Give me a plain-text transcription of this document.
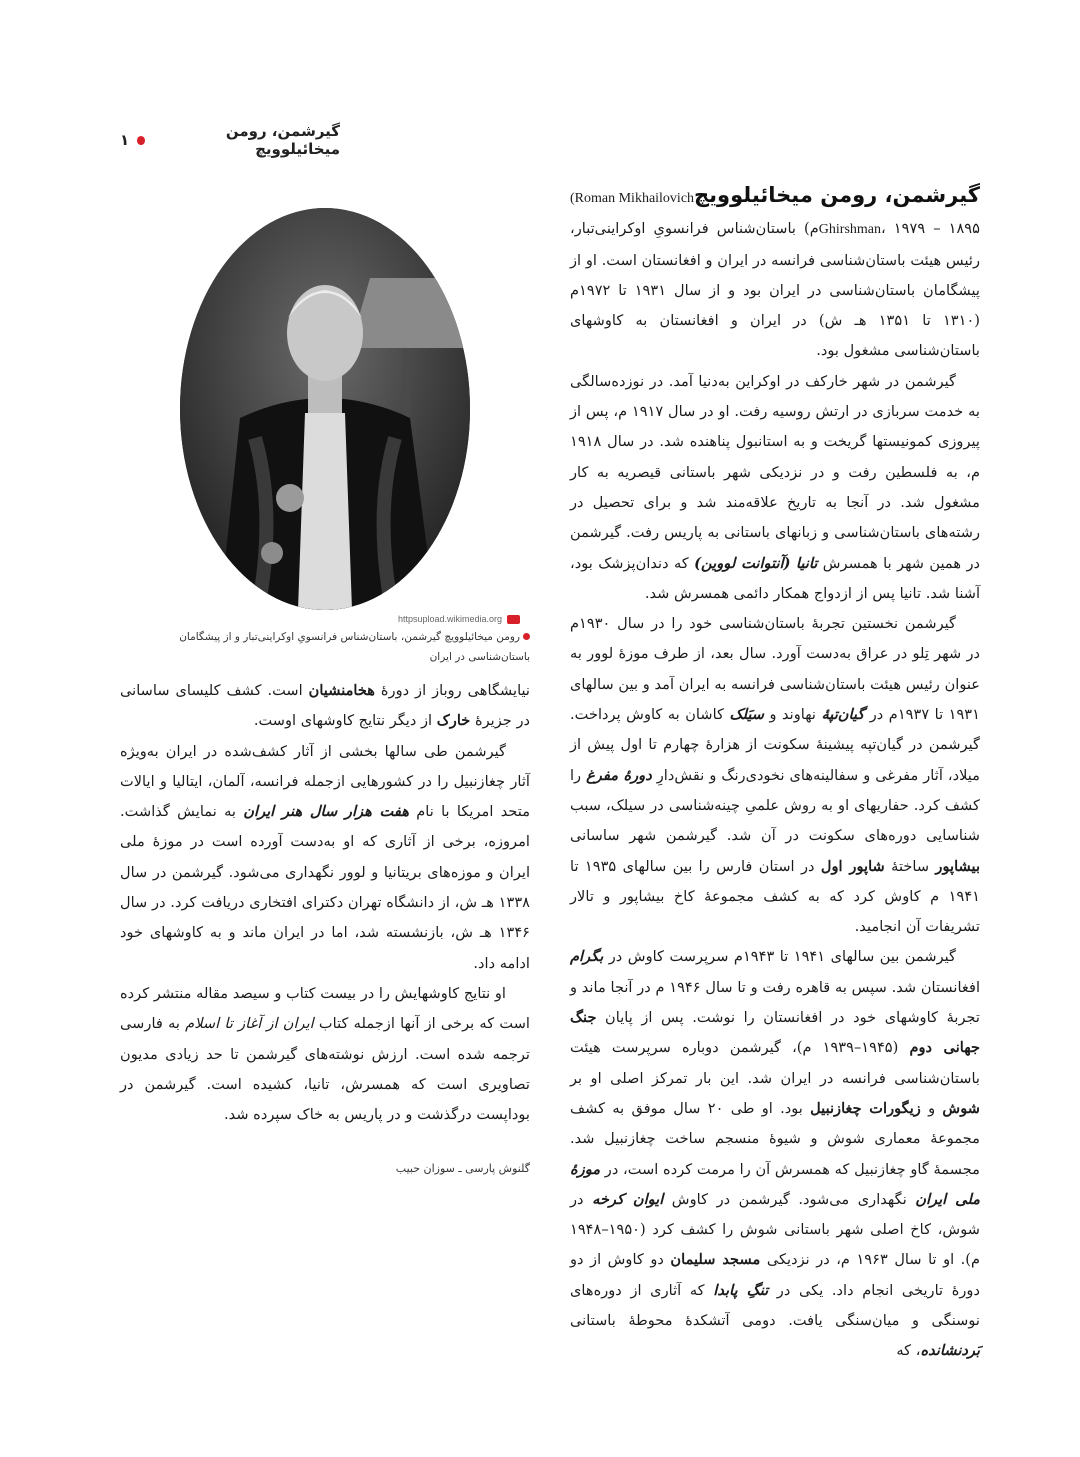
گیرشمن، رومن میخائیلوویچ
۱
گیرشمن، رومن میخائیلوویچ
(Roman Mikhailovich

Ghirshman، ۱۹۷۹ – ۱۸۹۵م) باستان‌شناس فرانسویِ اوکراینی‌تبار، رئیس هیئت باستان‌شناسی فرانسه در ایران و افغانستان است. او از پیشگامان باستان‌شناسی در ایران بود و از سال ۱۹۳۱ تا ۱۹۷۲م (۱۳۱۰ تا ۱۳۵۱ هـ ش) در ایران و افغانستان به کاوشهای باستان‌شناسی مشغول بود.

گیرشمن در شهر خارکف در اوکراین به‌دنیا آمد. در نوزده‌سالگی به خدمت سربازی در ارتش روسیه رفت. او در سال ۱۹۱۷ م، پس از پیروزی کمونیستها گریخت و به استانبول پناهنده شد. در سال ۱۹۱۸ م، به فلسطین رفت و در نزدیکی شهر باستانی قیصریه به کار مشغول شد. در آنجا به تاریخ علاقه‌مند شد و برای تحصیل در رشته‌های باستان‌شناسی و زبانهای باستانی به پاریس رفت. گیرشمن در همین شهر با همسرش تانیا (آنتوانت لووین) که دندان‌پزشک بود، آشنا شد. تانیا پس از ازدواج همکار دائمی همسرش شد.

گیرشمن نخستین تجربهٔ باستان‌شناسی خود را در سال ۱۹۳۰م در شهر تِلو در عراق به‌دست آورد. سال بعد، از طرف موزهٔ لوور به عنوان رئیس هیئت باستان‌شناسی فرانسه به ایران آمد و بین سالهای ۱۹۳۱ تا ۱۹۳۷م در گیان‌تپهٔ نهاوند و سیَلک کاشان به کاوش پرداخت. گیرشمن در گیان‌تپه پیشینهٔ سکونت از هزارهٔ چهارم تا اول پیش از میلاد، آثار مفرغی و سفالینه‌های نخودی‌رنگ و نقش‌دارِ دورهٔ مفرغ را کشف کرد. حفاریهای او به روش علمیِ چینه‌شناسی در سیلک، سبب شناسایی دوره‌های سکونت در آن شد. گیرشمن شهر ساسانی بیشاپور ساختهٔ شاپور اول در استان فارس را بین سالهای ۱۹۳۵ تا ۱۹۴۱ م کاوش کرد که به کشف مجموعهٔ کاخ بیشاپور و تالار تشریفات آن انجامید.

گیرشمن بین سالهای ۱۹۴۱ تا ۱۹۴۳م سرپرست کاوش در بگرام افغانستان شد. سپس به قاهره رفت و تا سال ۱۹۴۶ م در آنجا ماند و تجربهٔ کاوشهای خود در افغانستان را نوشت. پس از پایان جنگ جهانی دوم (۱۹۴۵–۱۹۳۹ م)، گیرشمن دوباره سرپرست هیئت باستان‌شناسی فرانسه در ایران شد. این بار تمرکز اصلی او بر شوش و زیگورات چغازنبیل بود. او طی ۲۰ سال موفق به کشف مجموعهٔ معماری شوش و شیوهٔ منسجم ساخت چغازنبیل شد. مجسمهٔ گاو چغازنبیل که همسرش آن را مرمت کرده است، در موزهٔ ملی ایران نگهداری می‌شود. گیرشمن در کاوش ایوان کرخه در شوش، کاخ اصلی شهر باستانی شوش را کشف کرد (۱۹۵۰–۱۹۴۸ م). او تا سال ۱۹۶۳ م، در نزدیکی مسجد سلیمان دو کاوش از دو دورهٔ تاریخی انجام داد. یکی در تنگِ پابدا که آثاری از دوره‌های نوسنگی و میان‌سنگی یافت. دومی آتشکدهٔ محوطهٔ باستانی بَردنشانده، که

httpsupload.wikimedia.org
رومن میخائیلوویچ گیرشمن، باستان‌شناس فرانسویِ اوکراینی‌تبار و از پیشگامان باستان‌شناسی در ایران

نیایشگاهی روباز از دورهٔ هخامنشیان است. کشف کلیسای ساسانی در جزیرهٔ خارک از دیگر نتایج کاوشهای اوست.

گیرشمن طی سالها بخشی از آثار کشف‌شده در ایران به‌ویژه آثار چغازنبیل را در کشورهایی ازجمله فرانسه، آلمان، ایتالیا و ایالات متحد امریکا با نام هفت هزار سال هنر ایران به نمایش گذاشت. امروزه، برخی از آثاری که او به‌دست آورده است در موزهٔ ملی ایران و موزه‌های بریتانیا و لوور نگهداری می‌شود. گیرشمن در سال ۱۳۳۸ هـ ش، از دانشگاه تهران دکترای افتخاری دریافت کرد. در سال ۱۳۴۶ هـ ش، بازنشسته شد، اما در ایران ماند و به کاوشهای خود ادامه داد.

او نتایج کاوشهایش را در بیست کتاب و سیصد مقاله منتشر کرده است که برخی از آنها ازجمله کتاب ایران از آغاز تا اسلام به فارسی ترجمه شده است. ارزش نوشته‌های گیرشمن تا حد زیادی مدیون تصاویری است که همسرش، تانیا، کشیده است. گیرشمن در بوداپست درگذشت و در پاریس به خاک سپرده شد.

گلنوش پارسی ـ سوزان حبیب
